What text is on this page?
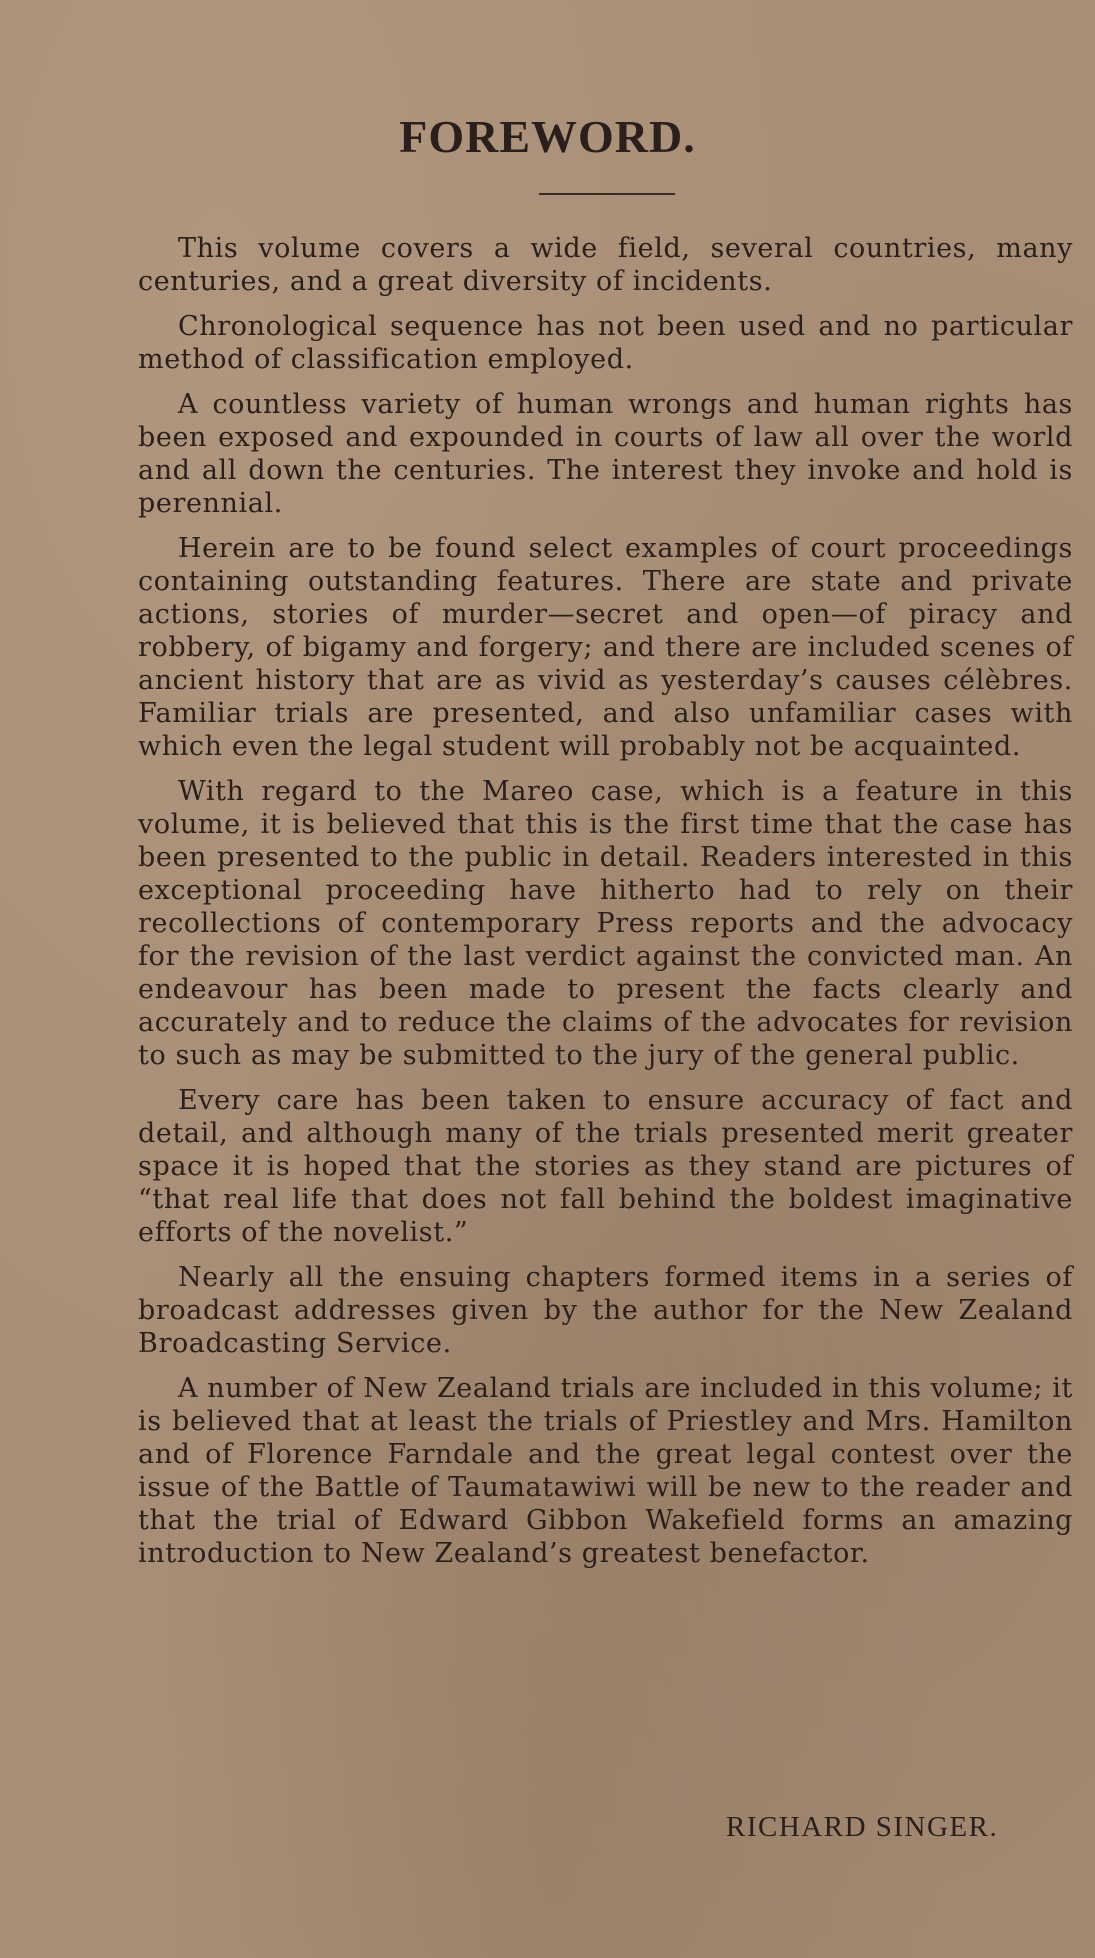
FOREWORD.

This volume covers a wide field, several countries, many centuries, and a great diversity of incidents.

Chronological sequence has not been used and no particular method of classification employed.

A countless variety of human wrongs and human rights has been exposed and expounded in courts of law all over the world and all down the centuries. The interest they invoke and hold is perennial.

Herein are to be found select examples of court proceedings containing outstanding features. There are state and private actions, stories of murder—secret and open—of piracy and robbery, of bigamy and forgery; and there are included scenes of ancient history that are as vivid as yesterday’s causes célèbres. Familiar trials are presented, and also unfamiliar cases with which even the legal student will probably not be acquainted.

With regard to the Mareo case, which is a feature in this volume, it is believed that this is the first time that the case has been presented to the public in detail. Readers interested in this exceptional proceeding have hitherto had to rely on their recollections of contemporary Press reports and the advocacy for the revision of the last verdict against the convicted man. An endeavour has been made to present the facts clearly and accurately and to reduce the claims of the advocates for revision to such as may be submitted to the jury of the general public.

Every care has been taken to ensure accuracy of fact and detail, and although many of the trials presented merit greater space it is hoped that the stories as they stand are pictures of “that real life that does not fall behind the boldest imaginative efforts of the novelist.”

Nearly all the ensuing chapters formed items in a series of broadcast addresses given by the author for the New Zealand Broadcasting Service.

A number of New Zealand trials are included in this volume; it is believed that at least the trials of Priestley and Mrs. Hamilton and of Florence Farndale and the great legal contest over the issue of the Battle of Taumatawiwi will be new to the reader and that the trial of Edward Gibbon Wakefield forms an amazing introduction to New Zealand’s greatest benefactor.

RICHARD SINGER.
